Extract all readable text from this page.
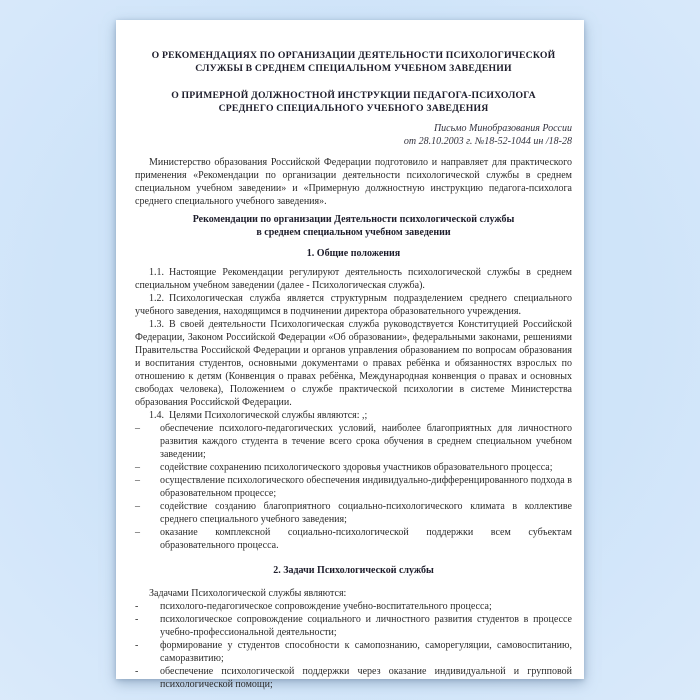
О РЕКОМЕНДАЦИЯХ ПО ОРГАНИЗАЦИИ ДЕЯТЕЛЬНОСТИ ПСИХОЛОГИЧЕСКОЙ
СЛУЖБЫ В СРЕДНЕМ СПЕЦИАЛЬНОМ УЧЕБНОМ ЗАВЕДЕНИИ
О ПРИМЕРНОЙ ДОЛЖНОСТНОЙ ИНСТРУКЦИИ ПЕДАГОГА-ПСИХОЛОГА
СРЕДНЕГО СПЕЦИАЛЬНОГО УЧЕБНОГО ЗАВЕДЕНИЯ
Письмо Минобразования России
от 28.10.2003 г. №18-52-1044 ин /18-28

Министерство образования Российской Федерации подготовило и направляет для практического применения «Рекомендации по организации деятельности психологической службы в среднем специальном учебном заведении» и «Примерную должностную инструкцию педагога-психолога среднего специального учебного заведения».

Рекомендации по организации Деятельности психологической службы
в среднем специальном учебном заведении
1. Общие положения

1.1. Настоящие Рекомендации регулируют деятельность психологической службы в среднем специальном учебном заведении (далее - Психологическая служба).

1.2. Психологическая служба является структурным подразделением среднего специального учебного заведения, находящимся в подчинении директора образовательного учреждения.

1.3. В своей деятельности Психологическая служба руководствуется Конституцией Российской Федерации, Законом Российской Федерации «Об образовании», федеральными законами, решениями Правительства Российской Федерации и органов управления образованием по вопросам образования и воспитания студентов, основными документами о правах ребёнка и обязанностях взрослых по отношению к детям (Конвенция о правах ребёнка, Международная конвенция о правах и основных свободах человека), Положением о службе практической психологии в системе Министерства образования Российской Федерации.

1.4. Целями Психологической службы являются: ,;

–	обеспечение психолого-педагогических условий, наиболее благоприятных для личностного развития каждого студента в течение всего срока обучения в среднем специальном учебном заведении;
–	содействие сохранению психологического здоровья участников образовательного процесса;
–	осуществление психологического обеспечения индивидуально-дифференцированного подхода в образовательном процессе;
–	содействие созданию благоприятного социально-психологического климата в коллективе среднего специального учебного заведения;
–	оказание комплексной социально-психологической поддержки всем субъектам образовательного процесса.
2. Задачи Психологической службы

Задачами Психологической службы являются:

-	психолого-педагогическое сопровождение учебно-воспитательного процесса;
-	психологическое сопровождение социального и личностного развития студентов в процессе учебно-профессиональной деятельности;
-	формирование у студентов способности к самопознанию, саморегуляции, самовоспитанию, саморазвитию;
-	обеспечение психологической поддержки через оказание индивидуальной и групповой психологической помощи;
